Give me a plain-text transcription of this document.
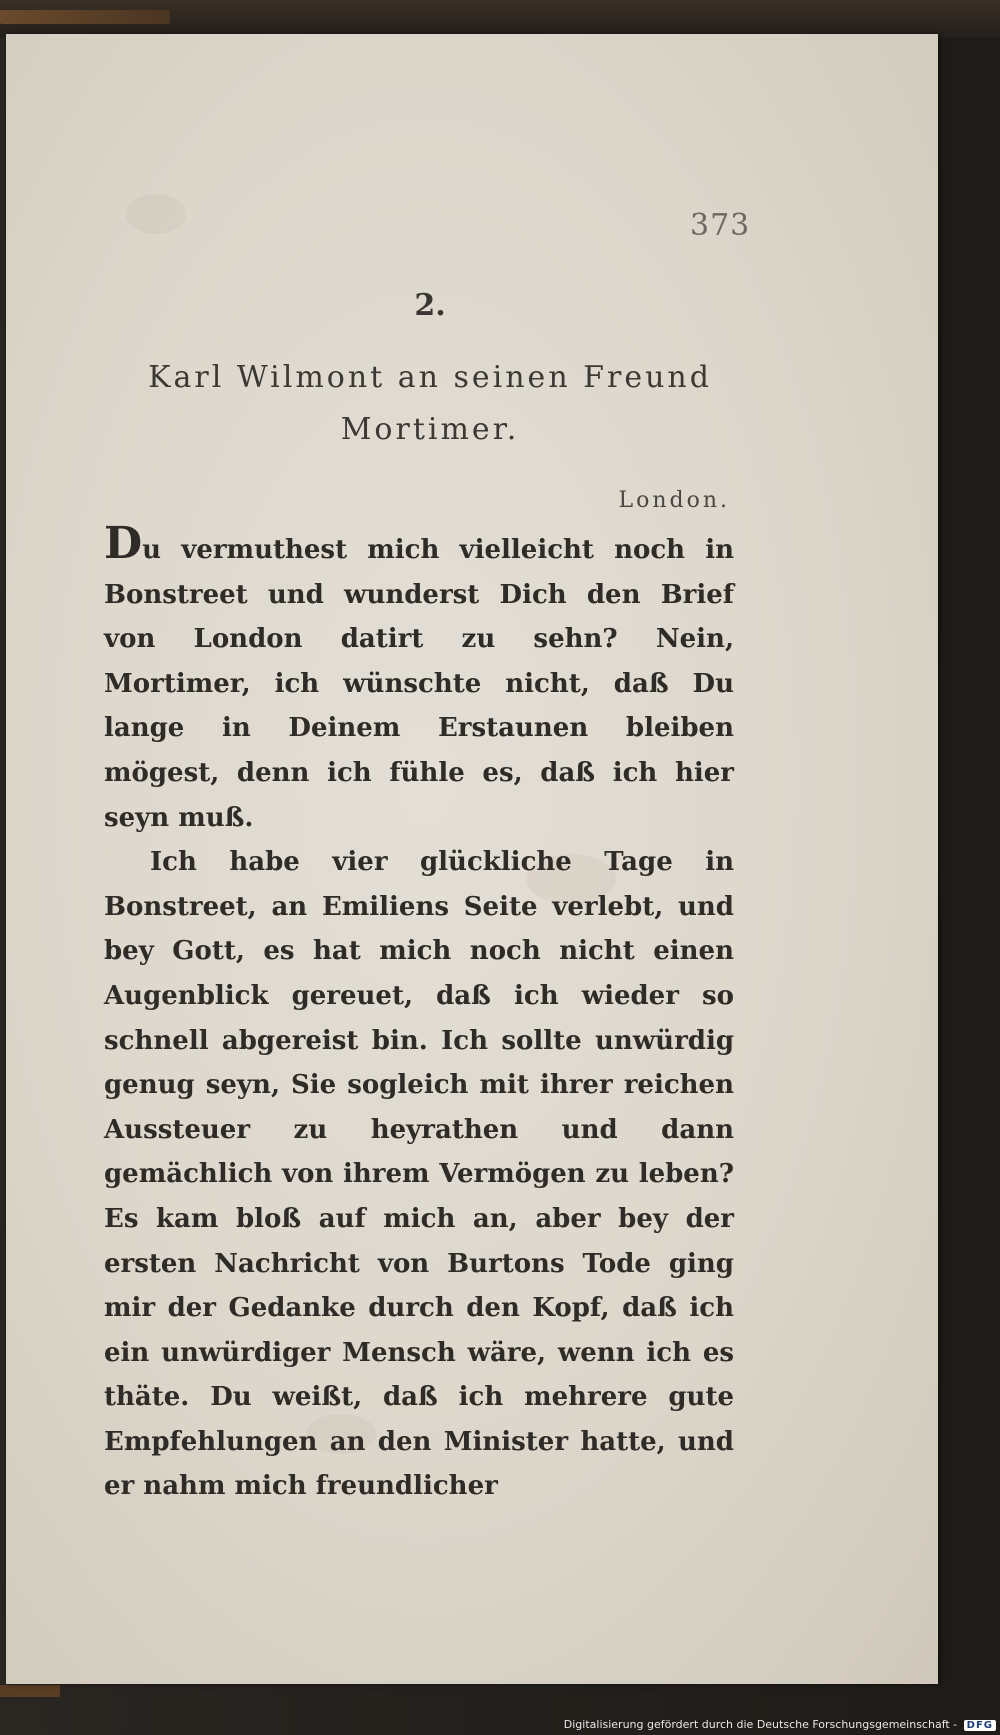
373
2.
Karl Wilmont an seinen Freund
Mortimer.
London.

Du vermuthest mich vielleicht noch in Bonstreet und wunderst Dich den Brief von London datirt zu sehn? Nein, Mortimer, ich wünschte nicht, daß Du lange in Deinem Erstaunen bleiben mögest, denn ich fühle es, daß ich hier seyn muß.

Ich habe vier glückliche Tage in Bonstreet, an Emiliens Seite verlebt, und bey Gott, es hat mich noch nicht einen Augenblick gereuet, daß ich wieder so schnell abgereist bin. Ich sollte unwürdig genug seyn, Sie sogleich mit ihrer reichen Aussteuer zu heyrathen und dann gemächlich von ihrem Vermögen zu leben? Es kam bloß auf mich an, aber bey der ersten Nachricht von Burtons Tode ging mir der Gedanke durch den Kopf, daß ich ein unwürdiger Mensch wäre, wenn ich es thäte. Du weißt, daß ich mehrere gute Empfehlungen an den Minister hatte, und er nahm mich freundlicher

Digitalisierung gefördert durch die Deutsche Forschungsgemeinschaft - DFG
